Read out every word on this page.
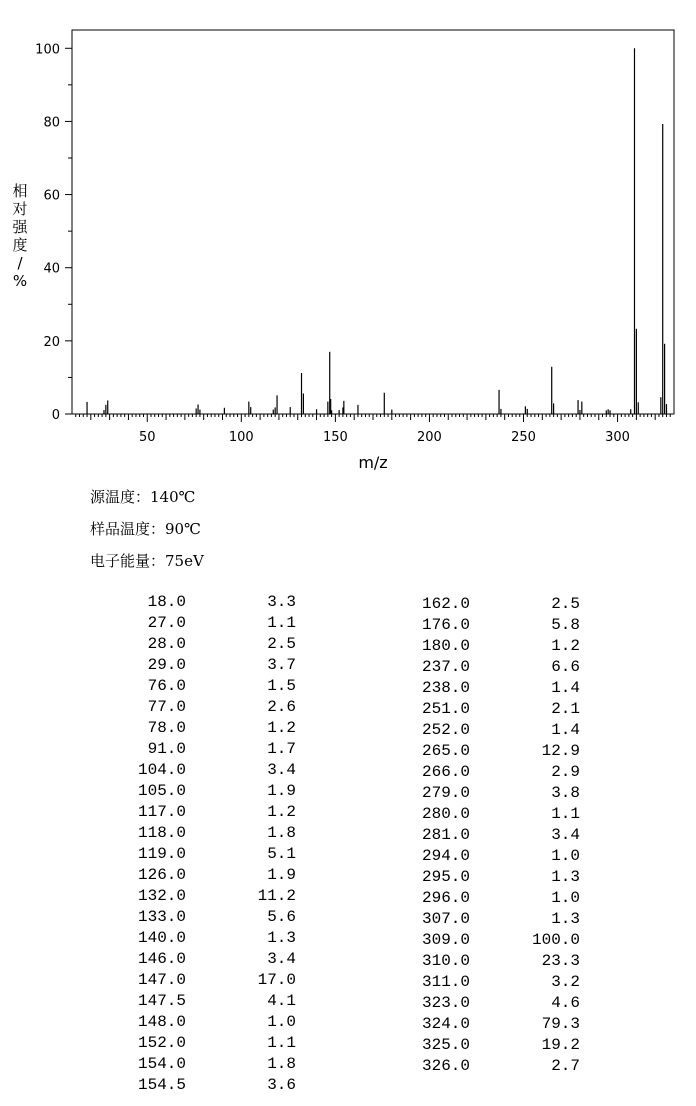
0
20
40
60
80
100
50	100	150	200	250	300
m/z
相对强度/ %
源温度：140℃
样品温度：90℃
电子能量：75eV
18.0	3.3
27.0	1.1
28.0	2.5
29.0	3.7
76.0	1.5
77.0	2.6
78.0	1.2
91.0	1.7
104.0	3.4
105.0	1.9
117.0	1.2
118.0	1.8
119.0	5.1
126.0	1.9
132.0	11.2
133.0	5.6
140.0	1.3
146.0	3.4
147.0	17.0
147.5	4.1
148.0	1.0
152.0	1.1
154.0	1.8
154.5	3.6
162.0	2.5
176.0	5.8
180.0	1.2
237.0	6.6
238.0	1.4
251.0	2.1
252.0	1.4
265.0	12.9
266.0	2.9
279.0	3.8
280.0	1.1
281.0	3.4
294.0	1.0
295.0	1.3
296.0	1.0
307.0	1.3
309.0	100.0
310.0	23.3
311.0	3.2
323.0	4.6
324.0	79.3
325.0	19.2
326.0	2.7
